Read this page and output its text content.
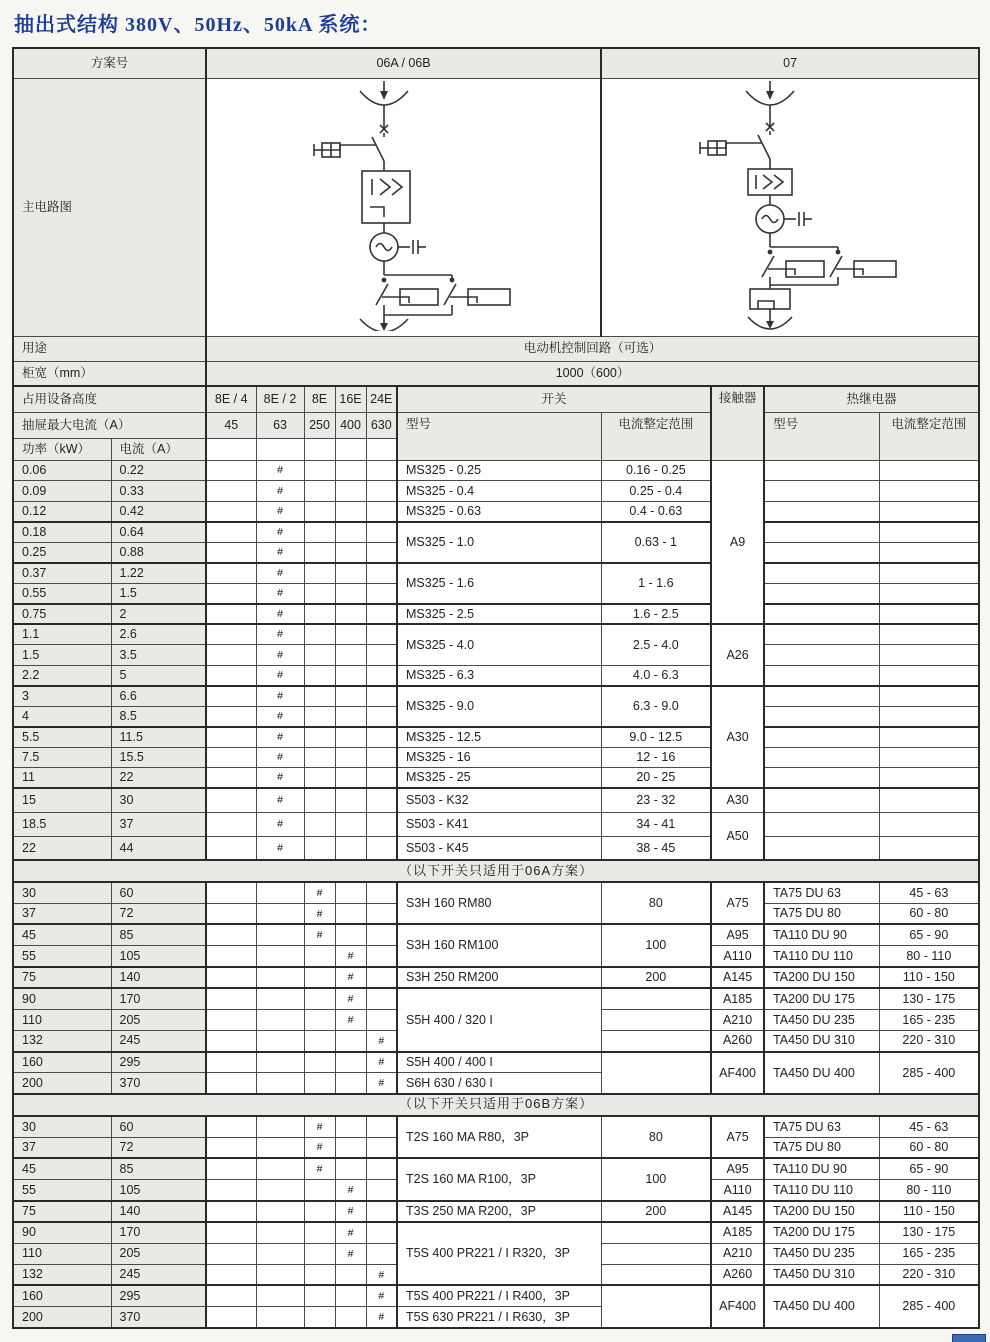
抽出式结构 380V、50Hz、50kA 系统：
方案号		06A / 06B						07			
主电路图		
用途		电动机控制回路（可选）									
柜宽（mm）		1000（600）									
占用设备高度		8E / 4	8E / 2	8E	16E	24E	开关		接触器	热继电器	
抽屉最大电流（A）		45	63	250	400	630	型号	电流整定范围		型号	电流整定范围
功率（kW）	电流（A）										
0.06	0.22		#				MS325 - 0.25	0.16 - 0.25	A9		
0.09	0.33		#				MS325 - 0.4	0.25 - 0.4			
0.12	0.42		#				MS325 - 0.63	0.4 - 0.63			
0.18	0.64		#				MS325 - 1.0	0.63 - 1			
0.25	0.88		#								
0.37	1.22		#				MS325 - 1.6	1 - 1.6			
0.55	1.5		#								
0.75	2		#				MS325 - 2.5	1.6 - 2.5			
1.1	2.6		#				MS325 - 4.0	2.5 - 4.0	A26		
1.5	3.5		#								
2.2	5		#				MS325 - 6.3	4.0 - 6.3			
3	6.6		#				MS325 - 9.0	6.3 - 9.0	A30		
4	8.5		#								
5.5	11.5		#				MS325 - 12.5	9.0 - 12.5			
7.5	15.5		#				MS325 - 16	12 - 16			
11	22		#				MS325 - 25	20 - 25			
15	30		#				S503 - K32	23 - 32	A30		
18.5	37		#				S503 - K41	34 - 41	A50		
22	44		#				S503 - K45	38 - 45			
（以下开关只适用于06A方案）											
30	60			#			S3H 160 RM80	80	A75	TA75 DU 63	45 - 63
37	72			#						TA75 DU 80	60 - 80
45	85			#			S3H 160 RM100	100	A95	TA110 DU 90	65 - 90
55	105				#				A110	TA110 DU 110	80 - 110
75	140				#		S3H 250 RM200	200	A145	TA200 DU 150	110 - 150
90	170				#		S5H 400 / 320 I		A185	TA200 DU 175	130 - 175
110	205				#				A210	TA450 DU 235	165 - 235
132	245					#			A260	TA450 DU 310	220 - 310
160	295					#	S5H 400 / 400 I		AF400	TA450 DU 400	285 - 400
200	370					#	S6H 630 / 630 I				
（以下开关只适用于06B方案）											
30	60			#			T2S 160 MA R80，3P	80	A75	TA75 DU 63	45 - 63
37	72			#						TA75 DU 80	60 - 80
45	85			#			T2S 160 MA R100，3P	100	A95	TA110 DU 90	65 - 90
55	105				#				A110	TA110 DU 110	80 - 110
75	140				#		T3S 250 MA R200，3P	200	A145	TA200 DU 150	110 - 150
90	170				#		T5S 400 PR221 / I R320，3P		A185	TA200 DU 175	130 - 175
110	205				#				A210	TA450 DU 235	165 - 235
132	245					#			A260	TA450 DU 310	220 - 310
160	295					#	T5S 400 PR221 / I R400，3P		AF400	TA450 DU 400	285 - 400
200	370					#	T5S 630 PR221 / I R630，3P				
